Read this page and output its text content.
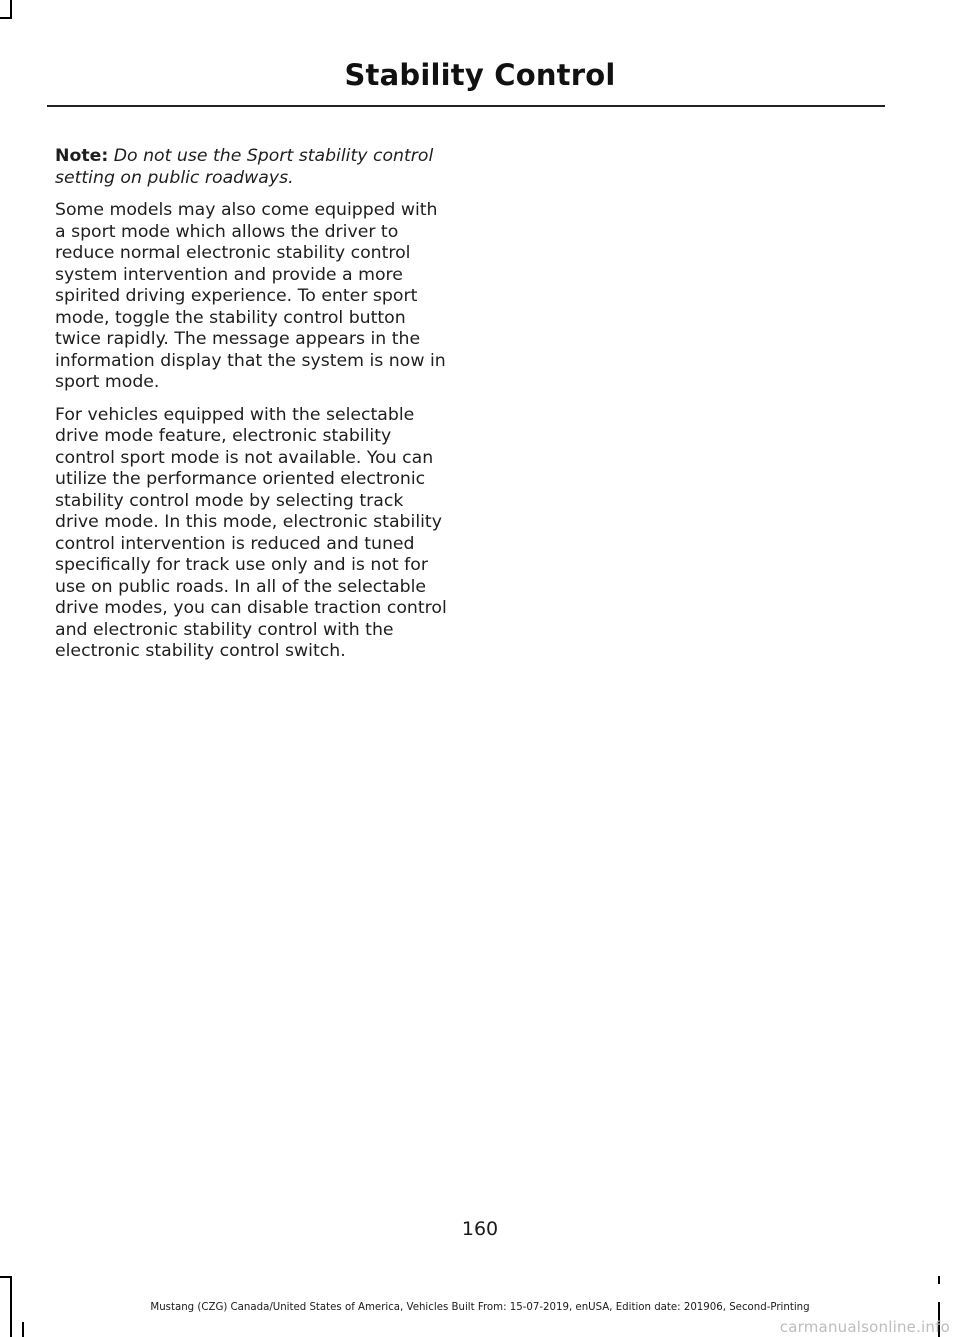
Stability Control

Note: Do not use the Sport stability control setting on public roadways.

Some models may also come equipped with a sport mode which allows the driver to reduce normal electronic stability control system intervention and provide a more spirited driving experience. To enter sport mode, toggle the stability control button twice rapidly. The message appears in the information display that the system is now in sport mode.

For vehicles equipped with the selectable drive mode feature, electronic stability control sport mode is not available. You can utilize the performance oriented electronic stability control mode by selecting track drive mode. In this mode, electronic stability control intervention is reduced and tuned specifically for track use only and is not for use on public roads. In all of the selectable drive modes, you can disable traction control and electronic stability control with the electronic stability control switch.

160
Mustang (CZG) Canada/United States of America, Vehicles Built From: 15-07-2019, enUSA, Edition date: 201906, Second-Printing
carmanualsonline.info
